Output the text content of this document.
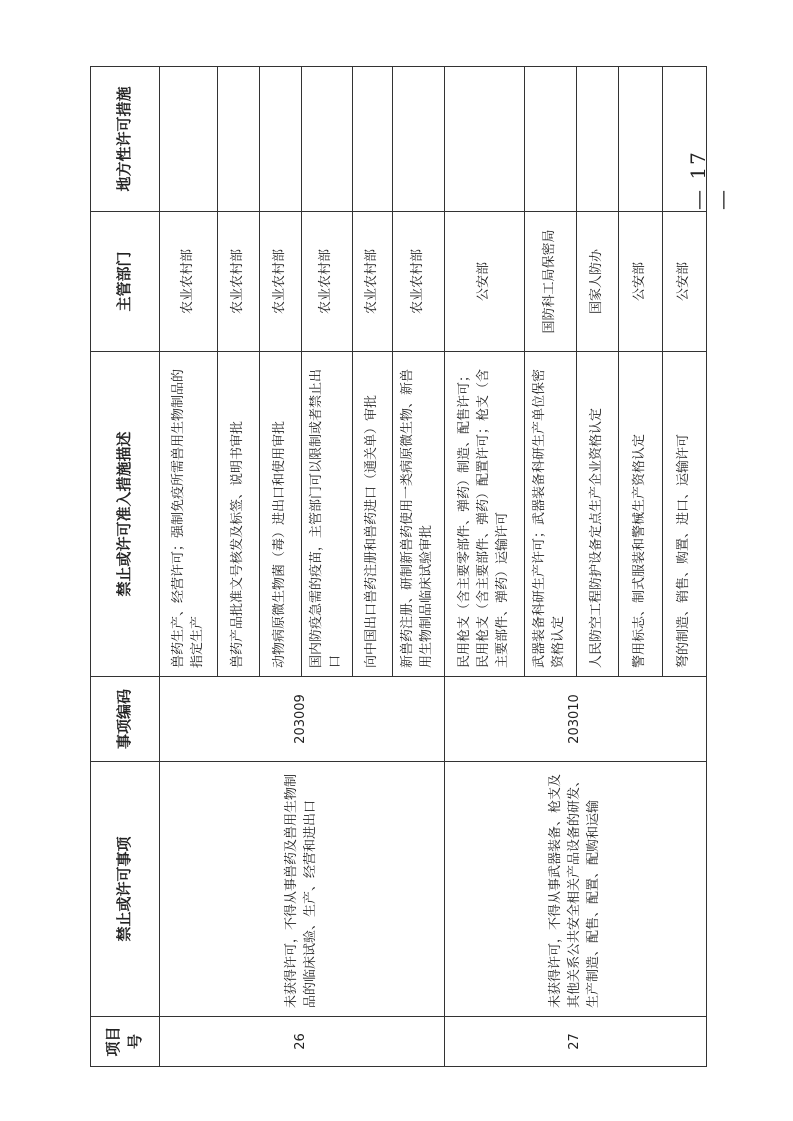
项目号	禁止或许可事项	事项编码	禁止或许可准入措施描述	主管部门	地方性许可措施
26	未获得许可，不得从事兽药及兽用生物制品的临床试验、生产、经营和进出口	203009	兽药生产、经营许可；强制免疫所需兽用生物制品的指定生产	农业农村部	
			兽药产品批准文号核发及标签、说明书审批	农业农村部	
			动物病原微生物菌（毒）进出口和使用审批	农业农村部	
			国内防疫急需的疫苗，主管部门可以限制或者禁止出口	农业农村部	
			向中国出口兽药注册和兽药进口（通关单）审批	农业农村部	
			新兽药注册、研制新兽药使用一类病原微生物、新兽用生物制品临床试验审批	农业农村部	
27	未获得许可，不得从事武器装备、枪支及其他关系公共安全相关产品设备的研发、生产制造、配售、配置、配购和运输	203010	民用枪支（含主要零部件、弹药）制造、配售许可；民用枪支（含主要部件、弹药）配置许可；枪支（含主要部件、弹药）运输许可	公安部	
			武器装备科研生产许可；武器装备科研生产单位保密资格认定	国防科工局保密局	
			人民防空工程防护设备定点生产企业资格认定	国家人防办	
			警用标志、制式服装和警械生产资格认定	公安部	
			弩的制造、销售、购置、进口、运输许可	公安部	
— 17 —
